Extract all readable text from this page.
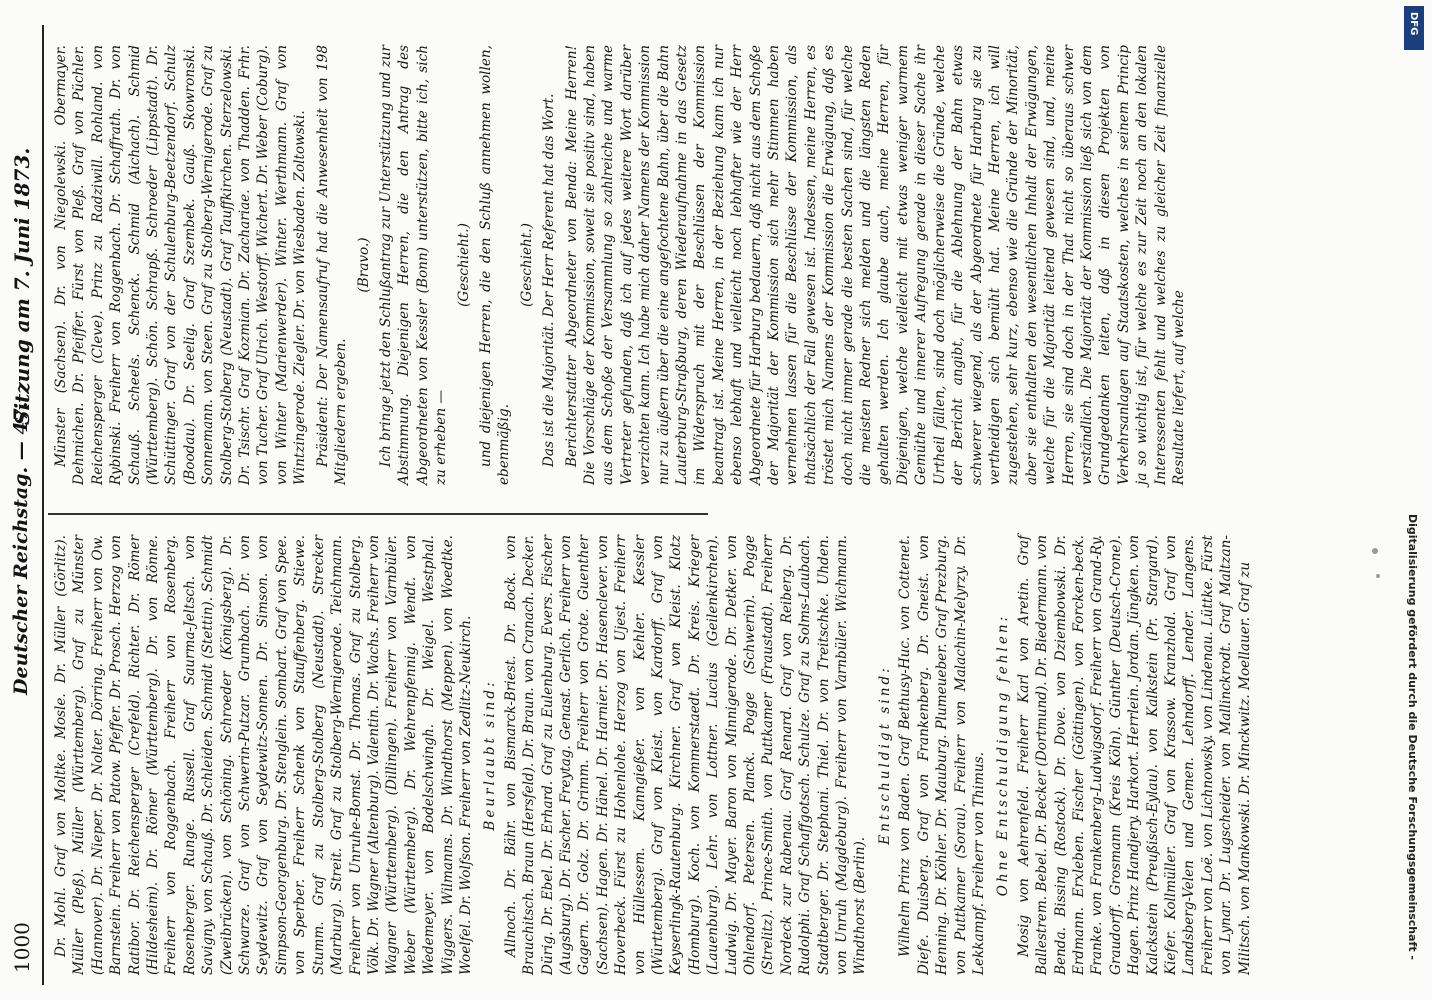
1000
Deutscher Reichstag. — 47.
Sitzung am 7. Juni 1873.

Dr. Mohl. Graf von Moltke. Mosle. Dr. Müller (Görlitz). Müller (Pleß). Müller (Württemberg). Graf zu Münster (Hannover). Dr. Nieper. Dr. Nolter. Dörring. Freiherr von Ow. Barnstein. Freiherr von Patow. Pfeffer. Dr. Prosch. Herzog von Ratibor. Dr. Reichensperger (Crefeld). Richter. Dr. Römer (Hildesheim). Dr. Römer (Württemberg). Dr. von Rönne. Freiherr von Roggenbach. Freiherr von Rosenberg. Rosenberger. Runge. Russell. Graf Saurma-Jeltsch. von Savigny. von Schauß. Dr. Schleiden. Schmidt (Stettin). Schmidt (Zweibrücken). von Schöning. Schroeder (Königsberg). Dr. Schwarze. Graf von Schwerin-Putzar. Grumbach. Dr. von Seydewitz. Graf von Seydewitz-Sonnen. Dr. Simson. von Simpson-Georgenburg. Dr. Stenglein. Sombart. Graf von Spee. von Sperber. Freiherr Schenk von Stauffenberg. Stiewe. Stumm. Graf zu Stolberg-Stolberg (Neustadt). Strecker (Marburg). Streit. Graf zu Stolberg-Wernigerode. Teichmann. Freiherr von Unruhe-Bomst. Dr. Thomas. Graf zu Stolberg. Völk. Dr. Wagner (Altenburg). Valentin. Dr. Wachs. Freiherr von Wagner (Württemberg). (Dillingen). Freiherr von Varnbüler. Weber (Württemberg). Dr. Wehrenpfennig. Wendt. von Wedemeyer. von Bodelschwingh. Dr. Weigel. Westphal. Wiggers. Wilmanns. Dr. Windthorst (Meppen). von Woedtke. Woelfel. Dr. Wolfson. Freiherr von Zedlitz-Neukirch. Beurlaubt sind: Allnoch. Dr. Bähr. von Bismarck-Briest. Dr. Bock. von Brauchitsch. Braun (Hersfeld). Dr. Braun. von Cranach. Decker. Dürig. Dr. Ebel. Dr. Erhard. Graf zu Eulenburg. Evers. Fischer (Augsburg). Dr. Fischer. Freytag. Genast. Gerlich. Freiherr von Gagern. Dr. Golz. Dr. Grimm. Freiherr von Grote. Guenther (Sachsen). Hagen. Dr. Hänel. Dr. Harnier. Dr. Hasenclever. von Hoverbeck. Fürst zu Hohenlohe. Herzog von Ujest. Freiherr von Hüllessem. Kanngießer. von Kehler. Kessler (Württemberg). Graf von Kleist. von Kardorff. Graf von Keyserlingk-Rautenburg. Kirchner. Graf von Kleist. Klotz (Homburg). Koch. von Kommerstaedt. Dr. Kreis. Krieger (Lauenburg). Lehr. von Lottner. Lucius (Geilenkirchen). Ludwig. Dr. Mayer. Baron von Minnigerode. Dr. Detker. von Ohlendorf. Petersen. Planck. Pogge (Schwerin). Pogge (Strelitz). Prince-Smith. von Puttkamer (Fraustadt). Freiherr Nordeck zur Rabenau. Graf Renard. Graf von Reiberg. Dr. Rudolphi. Graf Schaffgotsch. Schulze. Graf zu Solms-Laubach. Stadtberger. Dr. Stephani. Thiel. Dr. von Treitschke. Uhden. von Unruh (Magdeburg). Freiherr von Varnbüler. Wichmann. Windthorst (Berlin).

Entschuldigt sind: Wilhelm Prinz von Baden. Graf Bethusy-Huc. von Cottenet. Diefe. Duisberg. Graf von Frankenberg. Dr. Gneist. von Henning. Dr. Köhler. Dr. Mauburg. Plumeueber. Graf Prezburg. von Puttkamer (Sorau). Freiherr von Malachin-Melyrzy. Dr. Lekkampf. Freiherr von Thimus. Ohne Entschuldigung fehlen: Mosig von Aehrenfeld. Freiherr Karl von Aretin. Graf Ballestrem. Bebel. Dr. Becker (Dortmund). Dr. Biedermann. von Benda. Bissing (Rostock). Dr. Dove. von Dziembowski. Dr. Erdmann. Erxleben. Fischer (Göttingen). von Forcken-beck. Franke. von Frankenberg-Ludwigsdorf. Freiherr von Grand-Ry. Graudorff. Grosmann (Kreis Köln). Günther (Deutsch-Crone). Hagen. Prinz Handjery. Harkort. Herrlein. Jordan. Jüngken. von Kalckstein (Preußisch-Eylau). von Kalkstein (Pr. Stargard). Kiefer. Kollmüller. Graf von Krassow. Kranzhold. Graf von Landsberg-Velen und Gemen. Lehndorff. Lender. Langens. Freiherr von Loë. von Lichnowsky. von Lindenau. Lüttke. Fürst von Lynar. Dr. Lugscheider. von Mallinckrodt. Graf Maltzan-Militsch. von Mankowski. Dr. Minckwitz. Moellauer. Graf zu

Münster (Sachsen). Dr. von Niegolewski. Obermayer. Dehmichen. Dr. Pfeiffer. Fürst von Pleß. Graf von Püchler. Reichensperger (Cleve). Prinz zu Radziwill. Rohland. von Rybinski. Freiherr von Roggenbach. Dr. Schaffrath. Dr. von Schauß. Scheels. Schenck. Schmid (Aichach). Schmid (Württemberg). Schön. Schrapß. Schroeder (Lippstadt). Dr. Schüttinger. Graf von der Schulenburg-Beetzendorf. Schulz (Boodau). Dr. Seelig. Graf Szembek. Gauß. Skowronski. Sonnemann. von Steen. Graf zu Stolberg-Wernigerode. Graf zu Stolberg-Stolberg (Neustadt). Graf Tauffkirchen. Sterzelowski. Dr. Tsischr. Graf Kozmian. Dr. Zachariae. von Thadden. Frhr. von Tucher. Graf Ulrich. Westorff. Wichert. Dr. Weber (Coburg). von Winter (Marienwerder). Winter. Werthmann. Graf von Wintzingerode. Ziegler. Dr. von Wiesbaden. Zoltowski. Präsident: Der Namensaufruf hat die Anwesenheit von 198 Mitgliedern ergeben.

(Bravo.) Ich bringe jetzt den Schlußantrag zur Unterstützung und zur Abstimmung. Diejenigen Herren, die den Antrag des Abgeordneten von Kessler (Bonn) unterstützen, bitte ich, sich zu erheben —

(Geschieht.) und diejenigen Herren, die den Schluß annehmen wollen, ebenmäßig.

(Geschieht.) Das ist die Majorität. Der Herr Referent hat das Wort. Berichterstatter Abgeordneter von Benda: Meine Herren! Die Vorschläge der Kommission, soweit sie positiv sind, haben aus dem Schoße der Versammlung so zahlreiche und warme Vertreter gefunden, daß ich auf jedes weitere Wort darüber verzichten kann. Ich habe mich daher Namens der Kommission nur zu äußern über die eine angefochtene Bahn, über die Bahn Lauterburg-Straßburg, deren Wiederaufnahme in das Gesetz im Widerspruch mit der Beschlüssen der Kommission beantragt ist. Meine Herren, in der Beziehung kann ich nur ebenso lebhaft und vielleicht noch lebhafter wie der Herr Abgeordnete für Harburg bedauern, daß nicht aus dem Schoße der Majorität der Kommission sich mehr Stimmen haben vernehmen lassen für die Beschlüsse der Kommission, als thatsächlich der Fall gewesen ist. Indessen, meine Herren, es tröstet mich Namens der Kommission die Erwägung, daß es doch nicht immer gerade die besten Sachen sind, für welche die meisten Redner sich melden und die längsten Reden gehalten werden. Ich glaube auch, meine Herren, für Diejenigen, welche vielleicht mit etwas weniger warmem Gemüthe und innerer Aufregung gerade in dieser Sache ihr Urtheil fällen, sind doch möglicherweise die Gründe, welche der Bericht angibt, für die Ablehnung der Bahn etwas schwerer wiegend, als der Abgeordnete für Harburg sie zu vertheidigen sich bemüht hat. Meine Herren, ich will zugestehen, sehr kurz, ebenso wie die Gründe der Minorität, aber sie enthalten den wesentlichen Inhalt der Erwägungen, welche für die Majorität leitend gewesen sind, und, meine Herren, sie sind doch in der That nicht so überaus schwer verständlich. Die Majorität der Kommission ließ sich von dem Grundgedanken leiten, daß in diesen Projekten von Verkehrsanlagen auf Staatskosten, welches in seinem Princip ja so wichtig ist, für welche es zur Zeit noch an den lokalen Interessenten fehlt und welches zu gleicher Zeit finanzielle Resultate liefert, auf welche

DFG
Digitalisierung gefördert durch die Deutsche Forschungsgemeinschaft -
